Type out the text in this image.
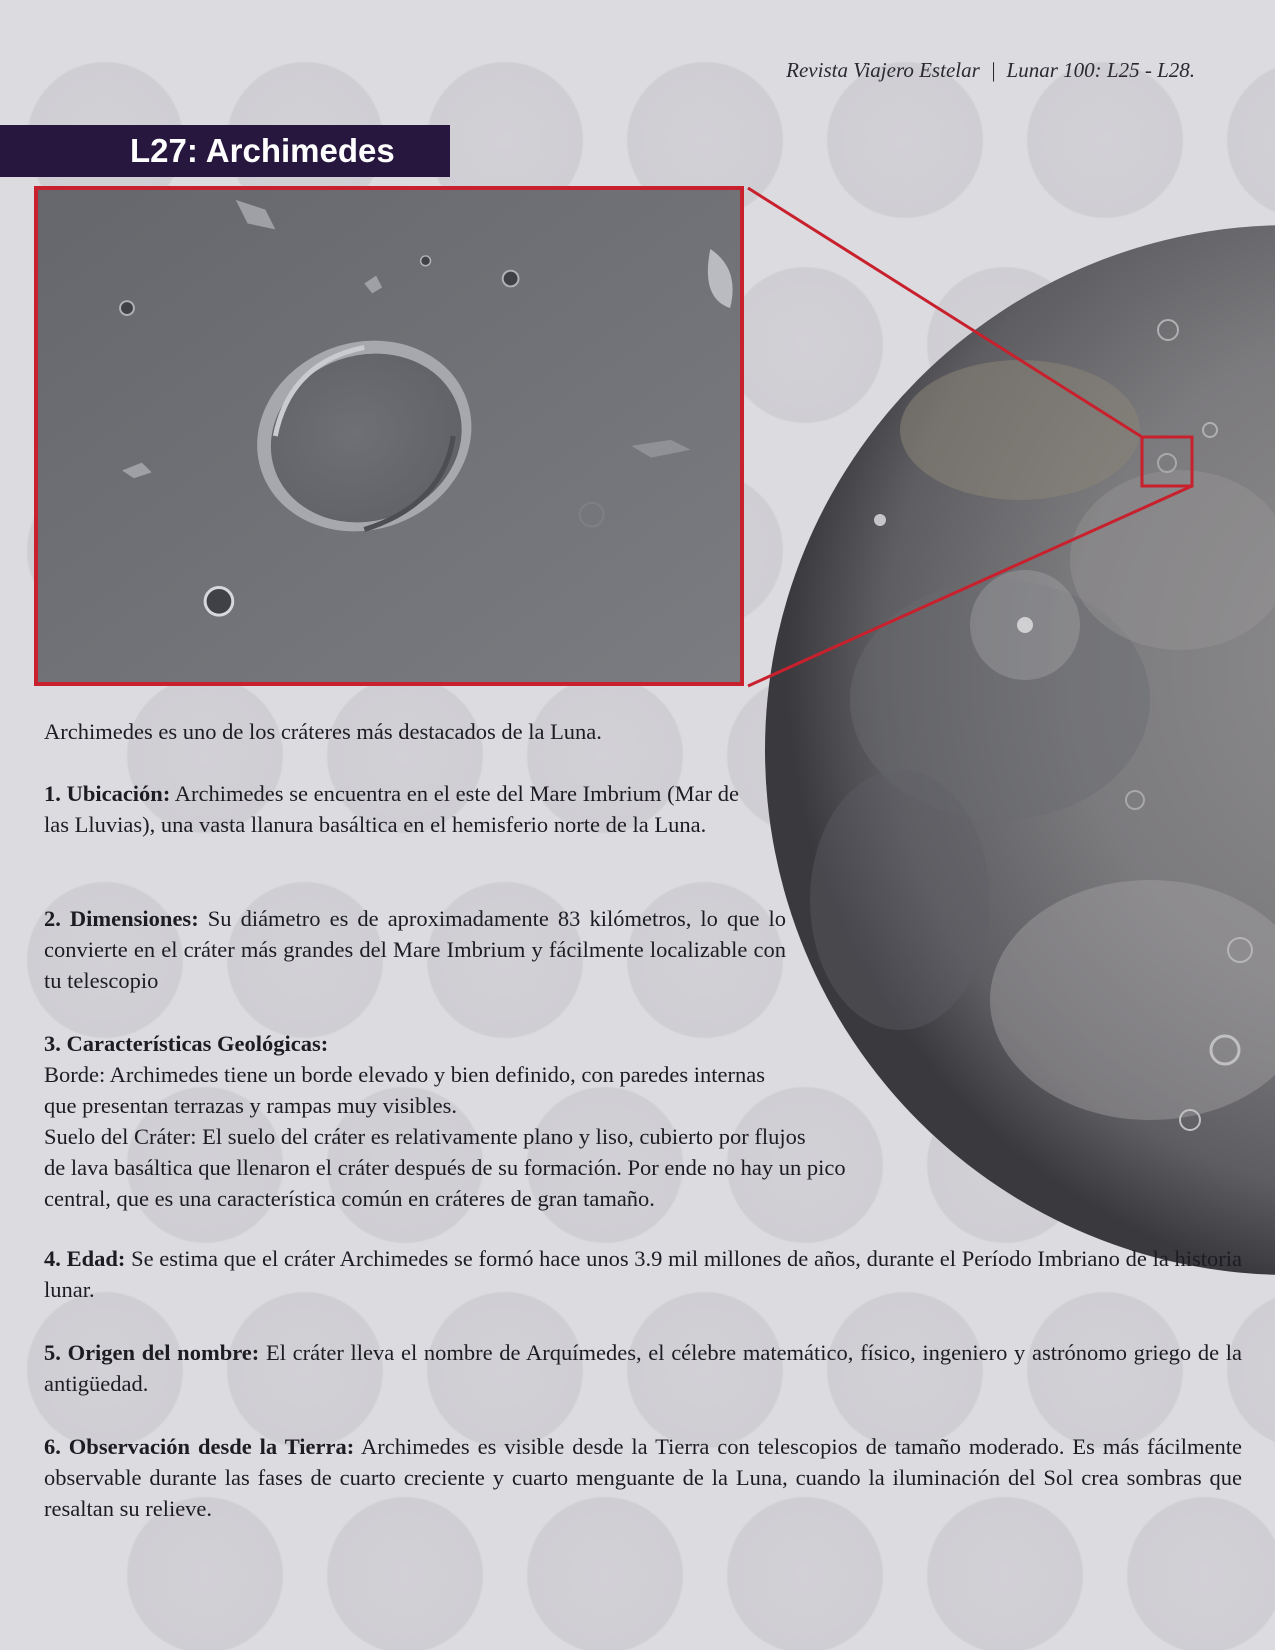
Revista Viajero Estelar | Lunar 100: L25 - L28.
L27: Archimedes

Archimedes es uno de los cráteres más destacados de la Luna.

1. Ubicación: Archimedes se encuentra en el este del Mare Imbrium (Mar de las Lluvias), una vasta llanura basáltica en el hemisferio norte de la Luna.

2. Dimensiones: Su diámetro es de aproximadamente 83 kilómetros, lo que lo convierte en el cráter más grandes del Mare Imbrium y fácilmente localizable con tu telescopio

3. Características Geológicas:

Borde: Archimedes tiene un borde elevado y bien definido, con paredes internas

que presentan terrazas y rampas muy visibles.

Suelo del Cráter: El suelo del cráter es relativamente plano y liso, cubierto por flujos

de lava basáltica que llenaron el cráter después de su formación. Por ende no hay un pico

central, que es una característica común en cráteres de gran tamaño.

4. Edad: Se estima que el cráter Archimedes se formó hace unos 3.9 mil millones de años, durante el Período Imbriano de la historia lunar.

5. Origen del nombre: El cráter lleva el nombre de Arquímedes, el célebre matemático, físico, ingeniero y astrónomo griego de la antigüedad.

6. Observación desde la Tierra: Archimedes es visible desde la Tierra con telescopios de tamaño moderado. Es más fácilmente observable durante las fases de cuarto creciente y cuarto menguante de la Luna, cuando la iluminación del Sol crea sombras que resaltan su relieve.
